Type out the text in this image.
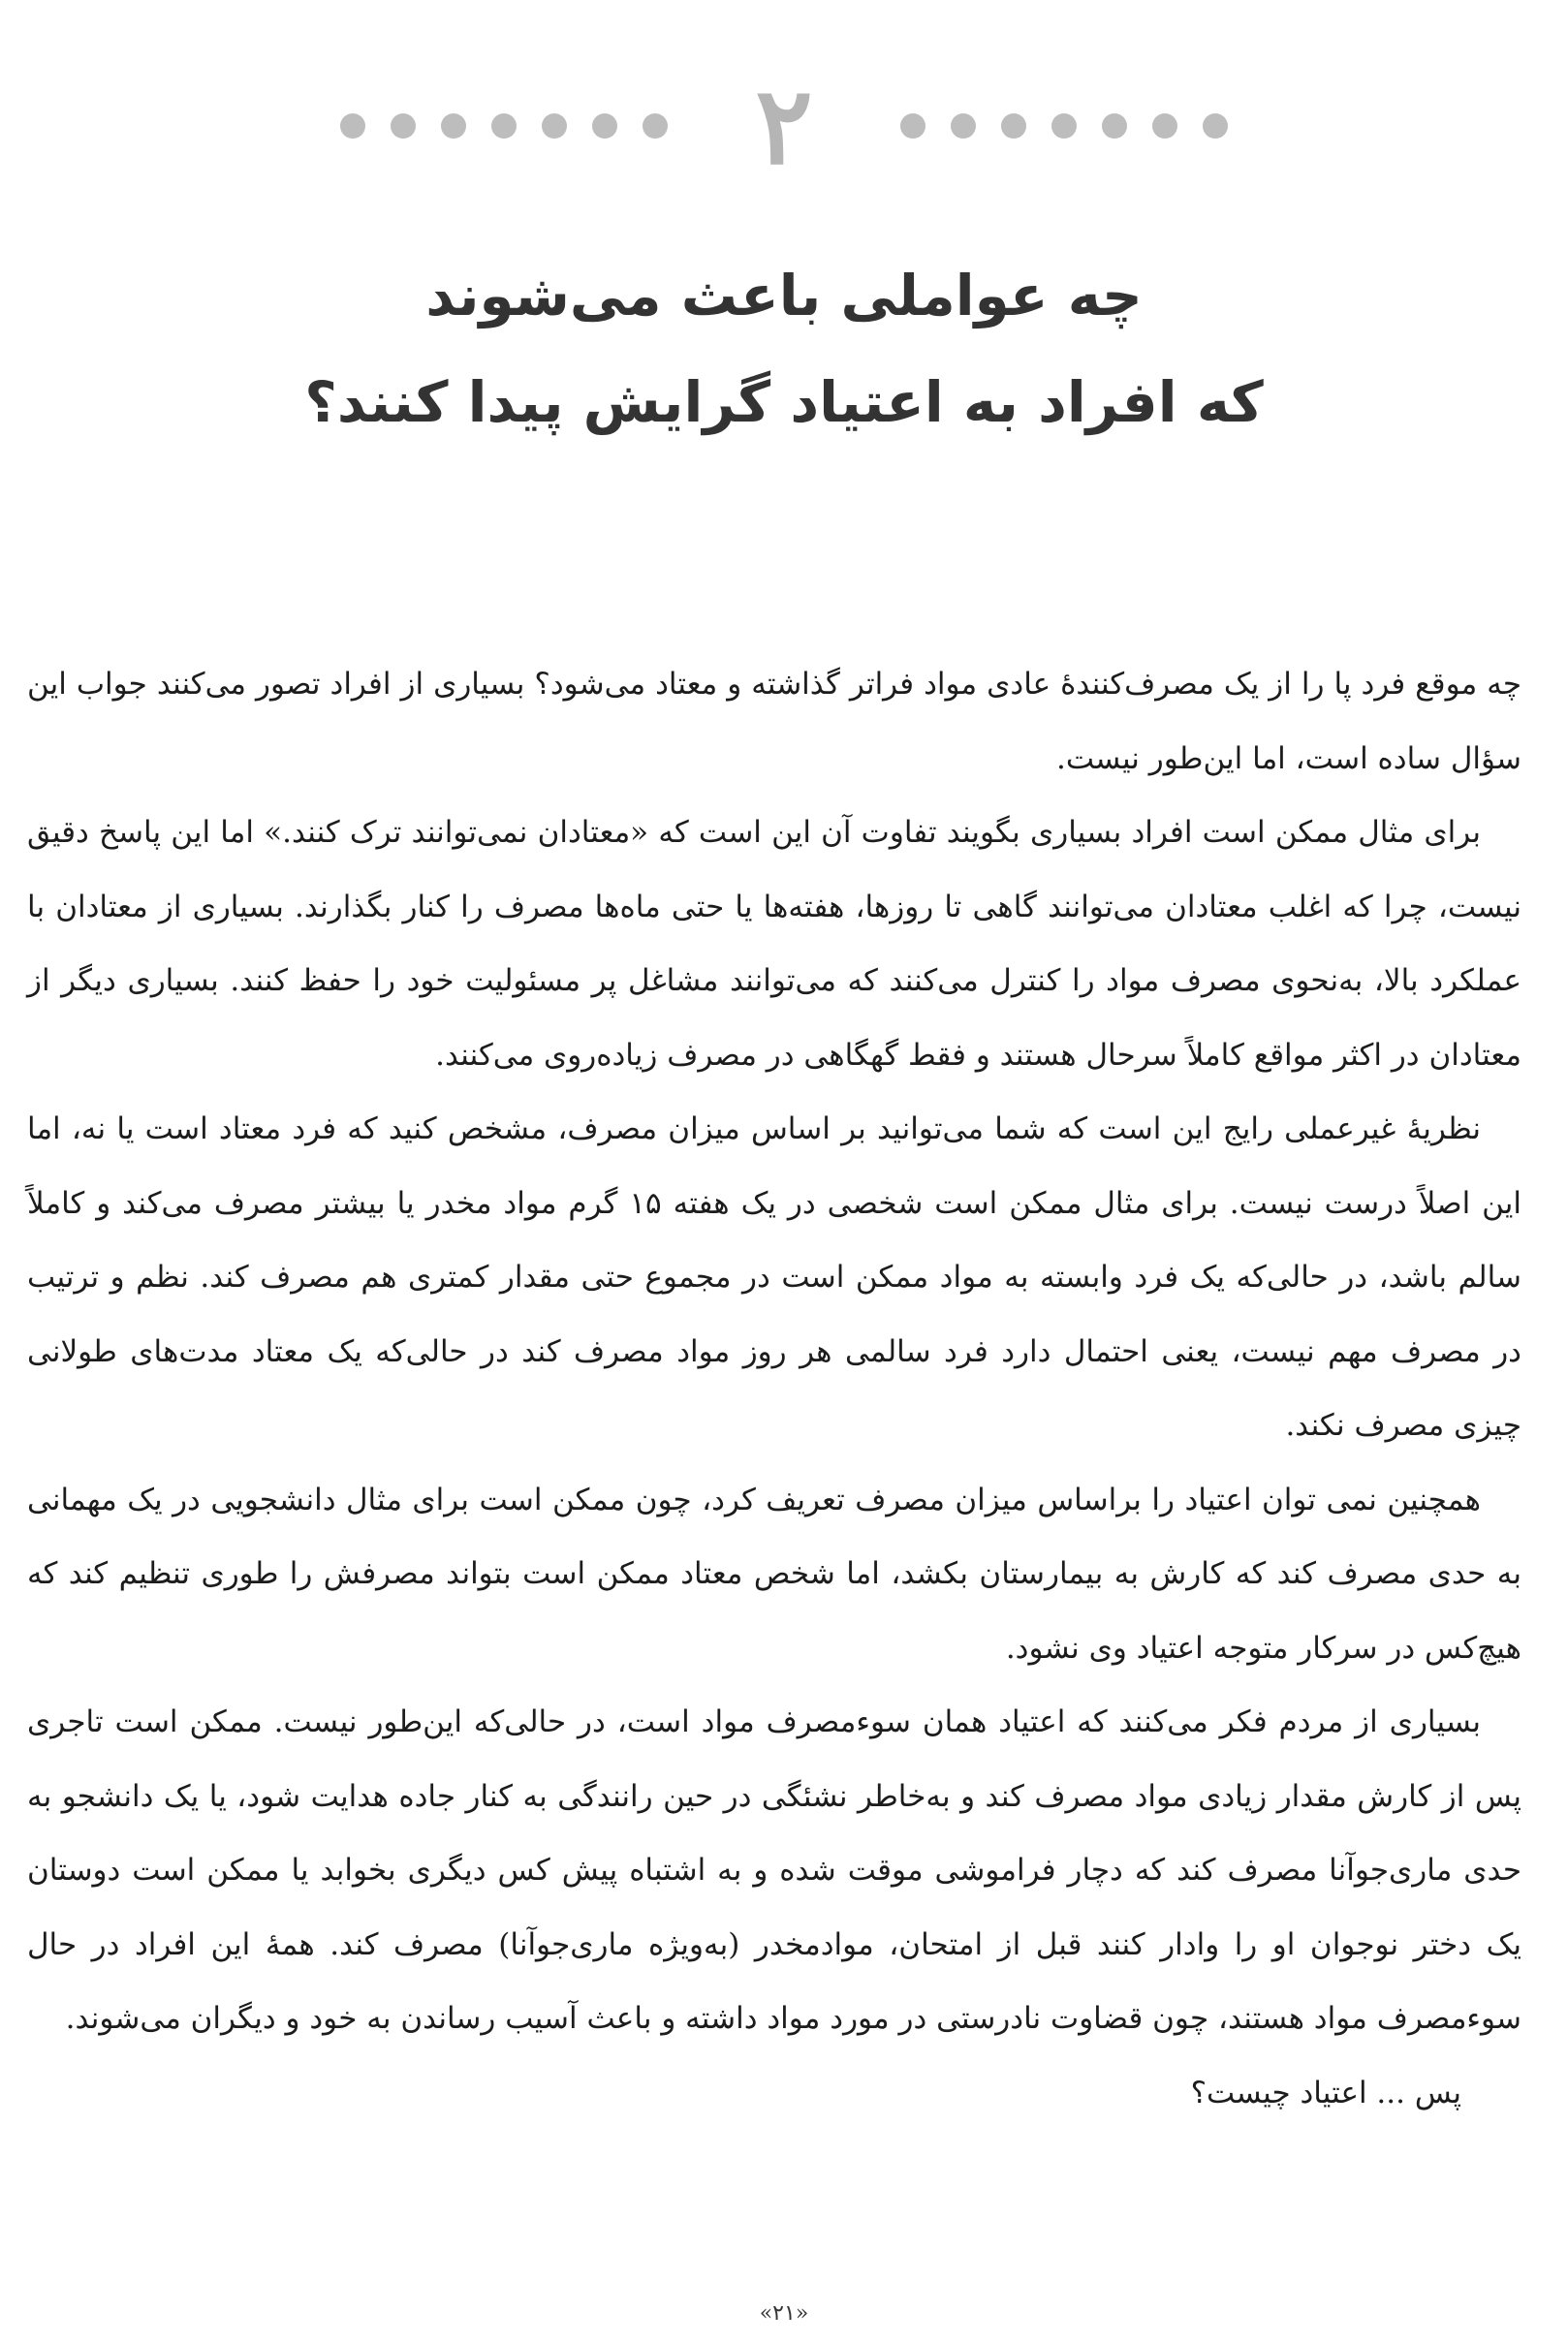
۲
چه عواملی باعث می‌شوند
که افراد به اعتیاد گرایش پیدا کنند؟

چه موقع فرد پا را از یک مصرف‌کنندهٔ عادی مواد فراتر گذاشته و معتاد می‌شود؟ بسیاری از افراد تصور می‌کنند جواب این سؤال ساده است، اما این‌طور نیست.

برای مثال ممکن است افراد بسیاری بگویند تفاوت آن این است که «معتادان نمی‌توانند ترک کنند.» اما این پاسخ دقیق نیست، چرا که اغلب معتادان می‌توانند گاهی تا روزها، هفته‌ها یا حتی ماه‌ها مصرف را کنار بگذارند. بسیاری از معتادان با عملکرد بالا، به‌نحوی مصرف مواد را کنترل می‌کنند که می‌توانند مشاغل پر مسئولیت خود را حفظ کنند. بسیاری دیگر از معتادان در اکثر مواقع کاملاً سرحال هستند و فقط گهگاهی در مصرف زیاده‌روی می‌کنند.

نظریهٔ غیرعملی رایج این است که شما می‌توانید بر اساس میزان مصرف، مشخص کنید که فرد معتاد است یا نه، اما این اصلاً درست نیست. برای مثال ممکن است شخصی در یک هفته ۱۵ گرم مواد مخدر یا بیشتر مصرف می‌کند و کاملاً سالم باشد، در حالی‌که یک فرد وابسته به مواد ممکن است در مجموع حتی مقدار کمتری هم مصرف کند. نظم و ترتیب در مصرف مهم نیست، یعنی احتمال دارد فرد سالمی هر روز مواد مصرف کند در حالی‌که یک معتاد مدت‌های طولانی چیزی مصرف نکند.

همچنین نمی توان اعتیاد را براساس میزان مصرف تعریف کرد، چون ممکن است برای مثال دانشجویی در یک مهمانی به حدی مصرف کند که کارش به بیمارستان بکشد، اما شخص معتاد ممکن است بتواند مصرفش را طوری تنظیم کند که هیچ‌کس در سرکار متوجه اعتیاد وی نشود.

بسیاری از مردم فکر می‌کنند که اعتیاد همان سوءمصرف مواد است، در حالی‌که این‌طور نیست. ممکن است تاجری پس از کارش مقدار زیادی مواد مصرف کند و به‌خاطر نشئگی در حین رانندگی به کنار جاده هدایت شود، یا یک دانشجو به حدی ماری‌جوآنا مصرف کند که دچار فراموشی موقت شده و به اشتباه پیش کس دیگری بخوابد یا ممکن است دوستان یک دختر نوجوان او را وادار کنند قبل از امتحان، موادمخدر (به‌ویژه ماری‌جوآنا) مصرف کند. همهٔ این افراد در حال سوءمصرف مواد هستند، چون قضاوت نادرستی در مورد مواد داشته و باعث آسیب رساندن به خود و دیگران می‌شوند.

پس ... اعتیاد چیست؟

«۲۱»
